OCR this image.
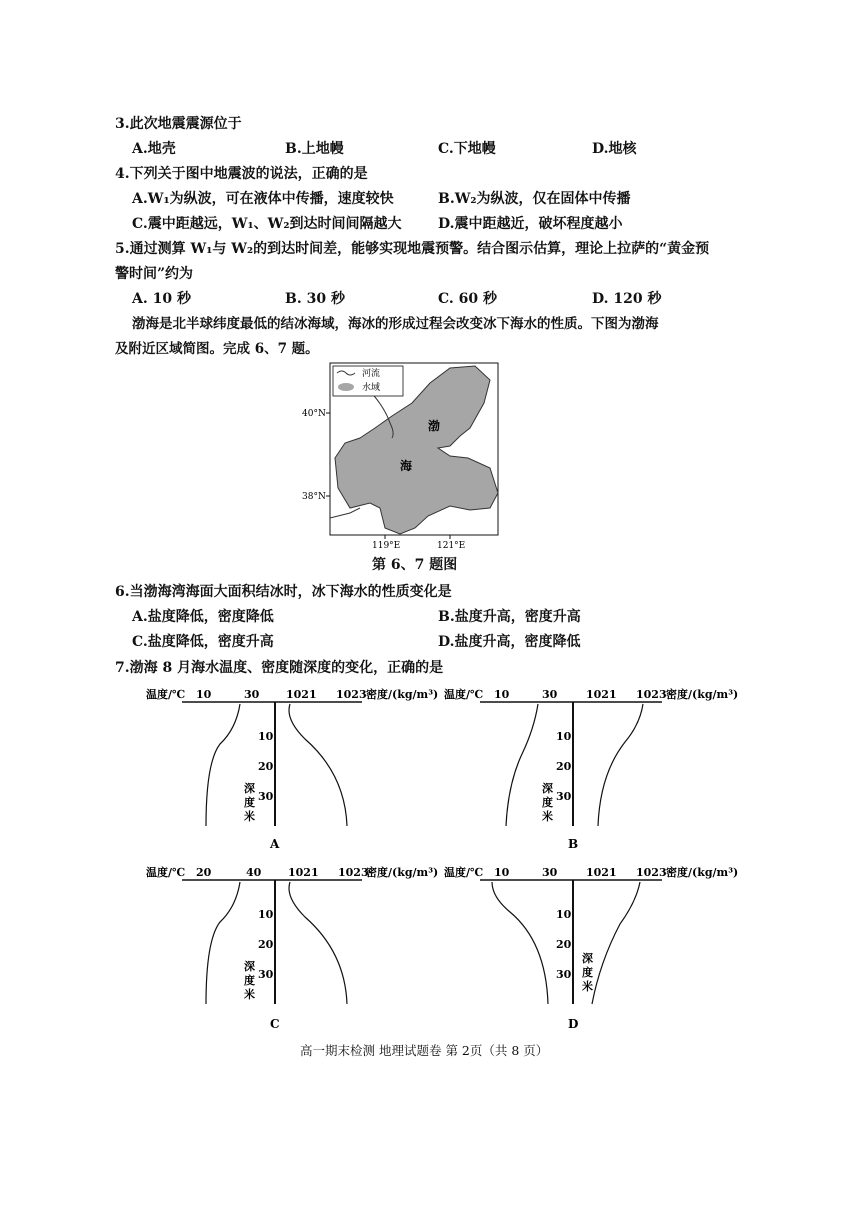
3.此次地震震源位于
A.地壳	B.上地幔	C.下地幔	D.地核
4.下列关于图中地震波的说法，正确的是
A.W₁为纵波，可在液体中传播，速度较快	B.W₂为纵波，仅在固体中传播
C.震中距越远，W₁、W₂到达时间间隔越大	D.震中距越近，破坏程度越小
5.通过测算 W₁与 W₂的到达时间差，能够实现地震预警。结合图示估算，理论上拉萨的“黄金预
警时间”约为
A. 10 秒	B. 30 秒	C. 60 秒	D. 120 秒
渤海是北半球纬度最低的结冰海域，海冰的形成过程会改变冰下海水的性质。下图为渤海
及附近区域简图。完成 6、7 题。
河流
水域
渤
海
40°N
38°N
119°E	121°E
第 6、7 题图
6.当渤海湾海面大面积结冰时，冰下海水的性质变化是
A.盐度降低，密度降低	B.盐度升高，密度升高
C.盐度降低，密度升高	D.盐度升高，密度降低
7.渤海 8 月海水温度、密度随深度的变化，正确的是
温度/℃ 10	30 1021 1023 密度/(kg/m³)
10
20
30
深
度
米
A
温度/℃ 10	30	1021 1023 密度/(kg/m³)
10
20
30
深
度
米
B
温度/℃ 20	40 1021 1023
密度/(kg/m³)
10
20
30
深
度
米
C
温度/℃ 10	30	1021 1023 密度/(kg/m³)
10
20
30
深
度
米
D
高一期末检测 地理试题卷 第 2页（共 8 页）
